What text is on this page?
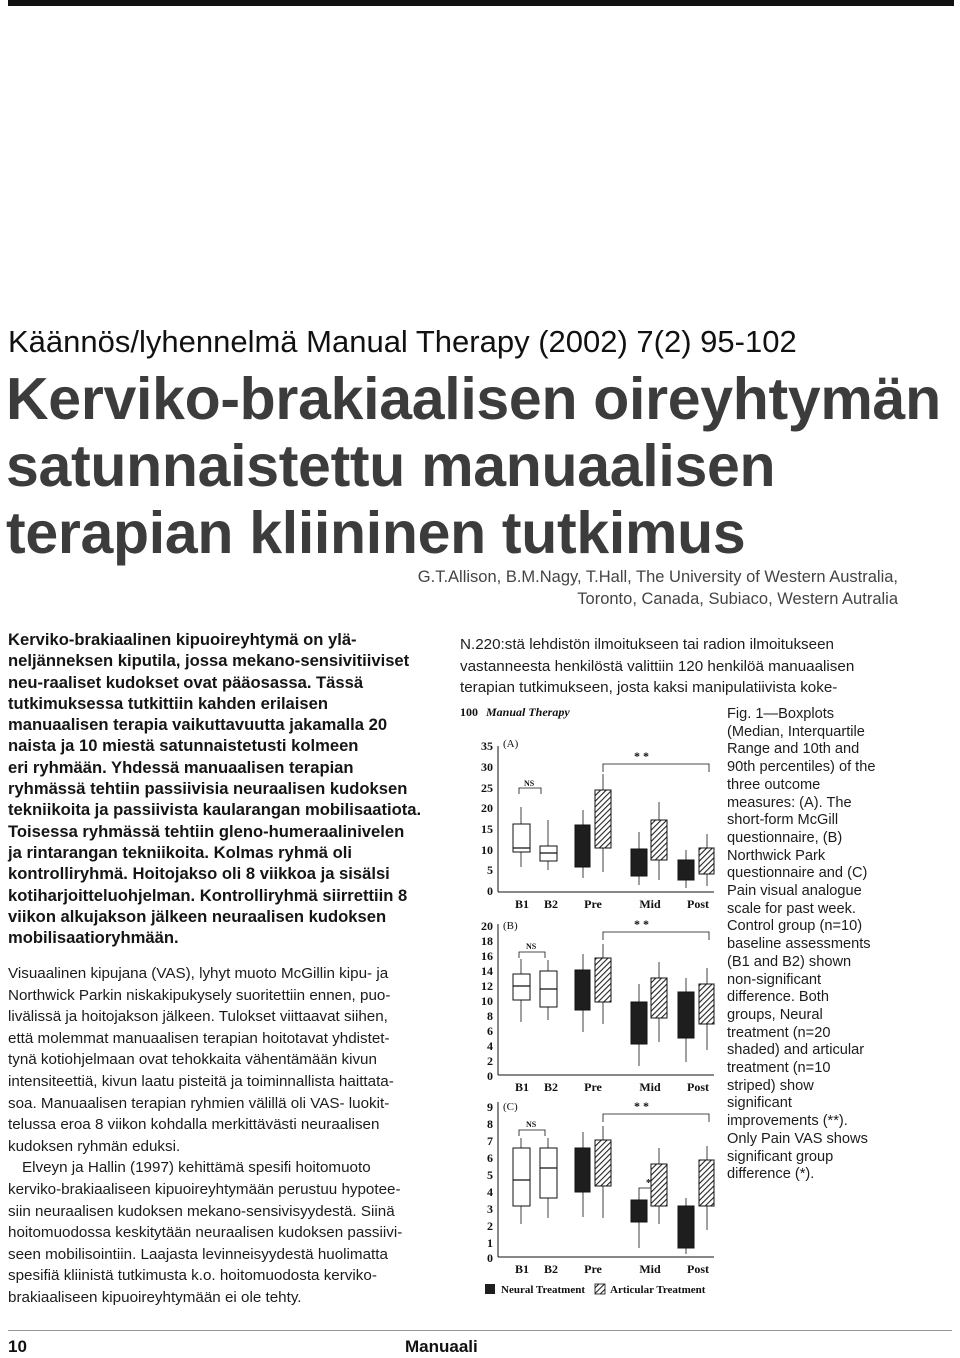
Käännös/lyhennelmä Manual Therapy (2002) 7(2) 95-102
Kerviko-brakiaalisen oireyhtymän
satunnaistettu manuaalisen
terapian kliininen tutkimus
G.T.Allison, B.M.Nagy, T.Hall, The University of Western Australia,
Toronto, Canada, Subiaco, Western Autralia
Kerviko-brakiaalinen kipuoireyhtymä on ylä-
neljänneksen kiputila, jossa mekano-sensivitiiviset
neu-raaliset kudokset ovat pääosassa. Tässä
tutkimuksessa tutkittiin kahden erilaisen
manuaalisen terapia vaikuttavuutta jakamalla 20
naista ja 10 miestä satunnaistetusti kolmeen
eri ryhmään. Yhdessä manuaalisen terapian
ryhmässä tehtiin passiivisia neuraalisen kudoksen
tekniikoita ja passiivista kaularangan mobilisaatiota.
Toisessa ryhmässä tehtiin gleno-humeraalinivelen
ja rintarangan tekniikoita. Kolmas ryhmä oli
kontrolliryhmä. Hoitojakso oli 8 viikkoa ja sisälsi
kotiharjoitteluohjelman. Kontrolliryhmä siirrettiin 8
viikon alkujakson jälkeen neuraalisen kudoksen
mobilisaatioryhmään.
Visuaalinen kipujana (VAS), lyhyt muoto McGillin kipu- ja
Northwick Parkin niskakipukysely suoritettiin ennen, puo-
livälissä ja hoitojakson jälkeen. Tulokset viittaavat siihen,
että molemmat manuaalisen terapian hoitotavat yhdistet-
tynä kotiohjelmaan ovat tehokkaita vähentämään kivun
intensiteettiä, kivun laatu pisteitä ja toiminnallista haittata-
soa. Manuaalisen terapian ryhmien välillä oli VAS- luokit-
telussa eroa 8 viikon kohdalla merkittävästi neuraalisen
kudoksen ryhmän eduksi.
Elveyn ja Hallin (1997) kehittämä spesifi hoitomuoto
kerviko-brakiaaliseen kipuoireyhtymään perustuu hypotee-
siin neuraalisen kudoksen mekano-sensivisyydestä. Siinä
hoitomuodossa keskitytään neuraalisen kudoksen passiivi-
seen mobilisointiin. Laajasta levinneisyydestä huolimatta
spesifiä kliinistä tutkimusta k.o. hoitomuodosta kerviko-
brakiaaliseen kipuoireyhtymään ei ole tehty.
N.220:stä lehdistön ilmoitukseen tai radion ilmoitukseen
vastanneesta henkilöstä valittiin 120 henkilöä manuaalisen
terapian tutkimukseen, josta kaksi manipulatiivista koke-
100 Manual Therapy
(A)
35
30
25
20
15
10
5
0
NS
* *
B1 B2 Pre	Mid Post
(B)
20
18
16
14
12
10
8
6
4
2
0
NS
* *
B1 B2 Pre	Mid Post
(C)
9
8
7
6
5
4
3
2
1
0
NS
* *
*
B1 B2 Pre	Mid Post
Neural Treatment Articular Treatment
Fig. 1—Boxplots
(Median, Interquartile
Range and 10th and
90th percentiles) of the
three outcome
measures: (A). The
short-form McGill
questionnaire, (B)
Northwick Park
questionnaire and (C)
Pain visual analogue
scale for past week.
Control group (n=10)
baseline assessments
(B1 and B2) shown
non-significant
difference. Both
groups, Neural
treatment (n=20
shaded) and articular
treatment (n=10
striped) show
significant
improvements (**).
Only Pain VAS shows
significant group
difference (*).
10	Manuaali
